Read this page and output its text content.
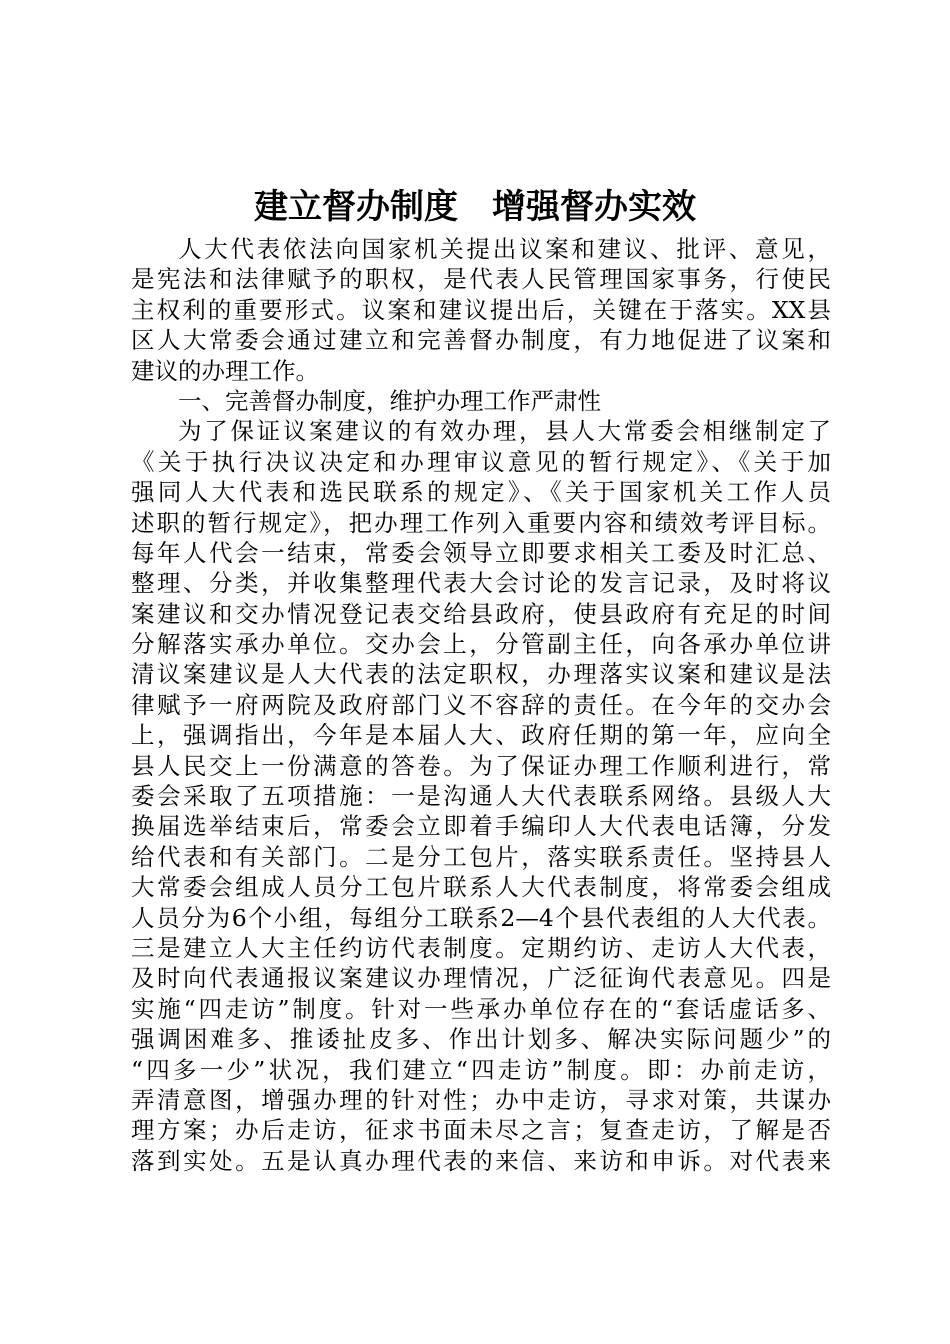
建立督办制度　增强督办实效
人大代表依法向国家机关提出议案和建议、批评、意见，
是宪法和法律赋予的职权，是代表人民管理国家事务，行使民
主权利的重要形式。议案和建议提出后，关键在于落实。XX县
区人大常委会通过建立和完善督办制度，有力地促进了议案和
建议的办理工作。
一、完善督办制度，维护办理工作严肃性
为了保证议案建议的有效办理，县人大常委会相继制定了
《关于执行决议决定和办理审议意见的暂行规定》、《关于加
强同人大代表和选民联系的规定》、《关于国家机关工作人员
述职的暂行规定》，把办理工作列入重要内容和绩效考评目标。
每年人代会一结束，常委会领导立即要求相关工委及时汇总、
整理、分类，并收集整理代表大会讨论的发言记录，及时将议
案建议和交办情况登记表交给县政府，使县政府有充足的时间
分解落实承办单位。交办会上，分管副主任，向各承办单位讲
清议案建议是人大代表的法定职权，办理落实议案和建议是法
律赋予一府两院及政府部门义不容辞的责任。在今年的交办会
上，强调指出，今年是本届人大、政府任期的第一年，应向全
县人民交上一份满意的答卷。为了保证办理工作顺利进行，常
委会采取了五项措施：一是沟通人大代表联系网络。县级人大
换届选举结束后，常委会立即着手编印人大代表电话簿，分发
给代表和有关部门。二是分工包片，落实联系责任。坚持县人
大常委会组成人员分工包片联系人大代表制度，将常委会组成
人员分为6个小组，每组分工联系2—4个县代表组的人大代表。
三是建立人大主任约访代表制度。定期约访、走访人大代表，
及时向代表通报议案建议办理情况，广泛征询代表意见。四是
实施“四走访”制度。针对一些承办单位存在的“套话虚话多、
强调困难多、推诿扯皮多、作出计划多、解决实际问题少”的
“四多一少”状况，我们建立“四走访”制度。即：办前走访，
弄清意图，增强办理的针对性；办中走访，寻求对策，共谋办
理方案；办后走访，征求书面未尽之言；复查走访，了解是否
落到实处。五是认真办理代表的来信、来访和申诉。对代表来
